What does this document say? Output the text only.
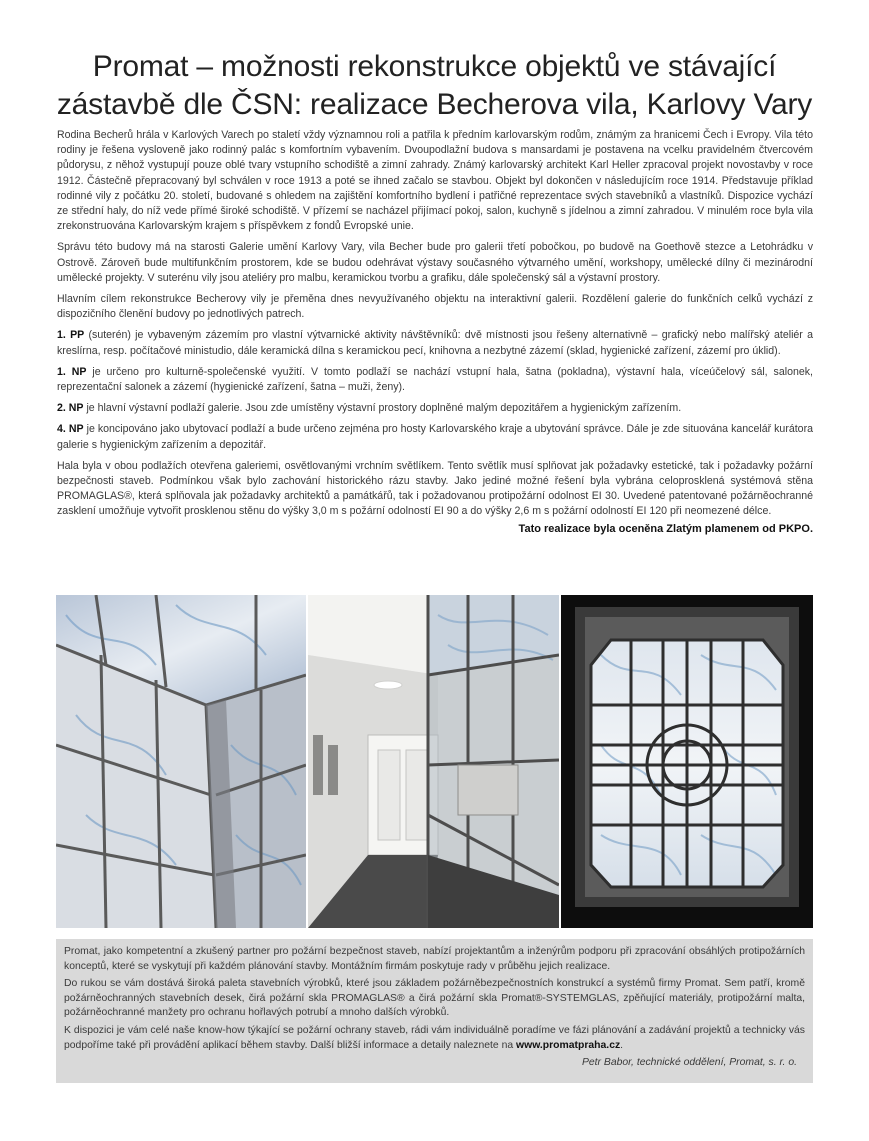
Promat – možnosti rekonstrukce objektů ve stávající zástavbě dle ČSN: realizace Becherova vila, Karlovy Vary

Rodina Becherů hrála v Karlových Varech po staletí vždy významnou roli a patřila k předním karlovarským rodům, známým za hranicemi Čech i Evropy. Vila této rodiny je řešena vysloveně jako rodinný palác s komfortním vybavením. Dvoupodlažní budova s mansardami je postavena na vcelku pravidelném čtvercovém půdorysu, z něhož vystupují pouze oblé tvary vstupního schodiště a zimní zahrady. Známý karlovarský architekt Karl Heller zpracoval projekt novostavby v roce 1912. Částečně přepracovaný byl schválen v roce 1913 a poté se ihned začalo se stavbou. Objekt byl dokončen v následujícím roce 1914. Představuje příklad rodinné vily z počátku 20. století, budované s ohledem na zajištění komfortního bydlení i patřičné reprezentace svých stavebníků a vlastníků. Dispozice vychází ze střední haly, do níž vede přímé široké schodiště. V přízemí se nacházel přijímací pokoj, salon, kuchyně s jídelnou a zimní zahradou. V minulém roce byla vila zrekonstruována Karlovarským krajem s příspěvkem z fondů Evropské unie.

Správu této budovy má na starosti Galerie umění Karlovy Vary, vila Becher bude pro galerii třetí pobočkou, po budově na Goethově stezce a Letohrádku v Ostrově. Zároveň bude multifunkčním prostorem, kde se budou odehrávat výstavy současného výtvarného umění, workshopy, umělecké dílny či mezinárodní umělecké projekty. V suterénu vily jsou ateliéry pro malbu, keramickou tvorbu a grafiku, dále společenský sál a výstavní prostory.

Hlavním cílem rekonstrukce Becherovy vily je přeměna dnes nevyužívaného objektu na interaktivní galerii. Rozdělení galerie do funkčních celků vychází z dispozičního členění budovy po jednotlivých patrech.

1. PP (suterén) je vybaveným zázemím pro vlastní výtvarnické aktivity návštěvníků: dvě místnosti jsou řešeny alternativně – grafický nebo malířský ateliér a kreslírna, resp. počítačové ministudio, dále keramická dílna s keramickou pecí, knihovna a nezbytné zázemí (sklad, hygienické zařízení, zázemí pro úklid).

1. NP je určeno pro kulturně-společenské využití. V tomto podlaží se nachází vstupní hala, šatna (pokladna), výstavní hala, víceúčelový sál, salonek, reprezentační salonek a zázemí (hygienické zařízení, šatna – muži, ženy).

2. NP je hlavní výstavní podlaží galerie. Jsou zde umístěny výstavní prostory doplněné malým depozitářem a hygienickým zařízením.

4. NP je koncipováno jako ubytovací podlaží a bude určeno zejména pro hosty Karlovarského kraje a ubytování správce. Dále je zde situována kancelář kurátora galerie s hygienickým zařízením a depozitář.

Hala byla v obou podlažích otevřena galeriemi, osvětlovanými vrchním světlíkem. Tento světlík musí splňovat jak požadavky estetické, tak i požadavky požární bezpečnosti staveb. Podmínkou však bylo zachování historického rázu stavby. Jako jediné možné řešení byla vybrána celoprosklená systémová stěna PROMAGLAS®, která splňovala jak požadavky architektů a památkářů, tak i požadovanou protipožární odolnost EI 30. Uvedené patentované požárněochranné zasklení umožňuje vytvořit prosklenou stěnu do výšky 3,0 m s požární odolností EI 90 a do výšky 2,6 m s požární odolností EI 120 při neomezené délce.

Tato realizace byla oceněna Zlatým plamenem od PKPO.

Promat, jako kompetentní a zkušený partner pro požární bezpečnost staveb, nabízí projektantům a inženýrům podporu při zpracování obsáhlých protipožárních konceptů, které se vyskytují při každém plánování stavby. Montážním firmám poskytuje rady v průběhu jejich realizace.

Do rukou se vám dostává široká paleta stavebních výrobků, které jsou základem požárněbezpečnostních konstrukcí a systémů firmy Promat. Sem patří, kromě požárněochranných stavebních desek, čirá požární skla PROMAGLAS® a čirá požární skla Promat®-SYSTEMGLAS, zpěňující materiály, protipožární malta, požárněochranné manžety pro ochranu hořlavých potrubí a mnoho dalších výrobků.

K dispozici je vám celé naše know-how týkající se požární ochrany staveb, rádi vám individuálně poradíme ve fázi plánování a zadávání projektů a technicky vás podpoříme také při provádění aplikací během stavby. Další bližší informace a detaily naleznete na www.promatpraha.cz.

Petr Babor, technické oddělení, Promat, s. r. o.
